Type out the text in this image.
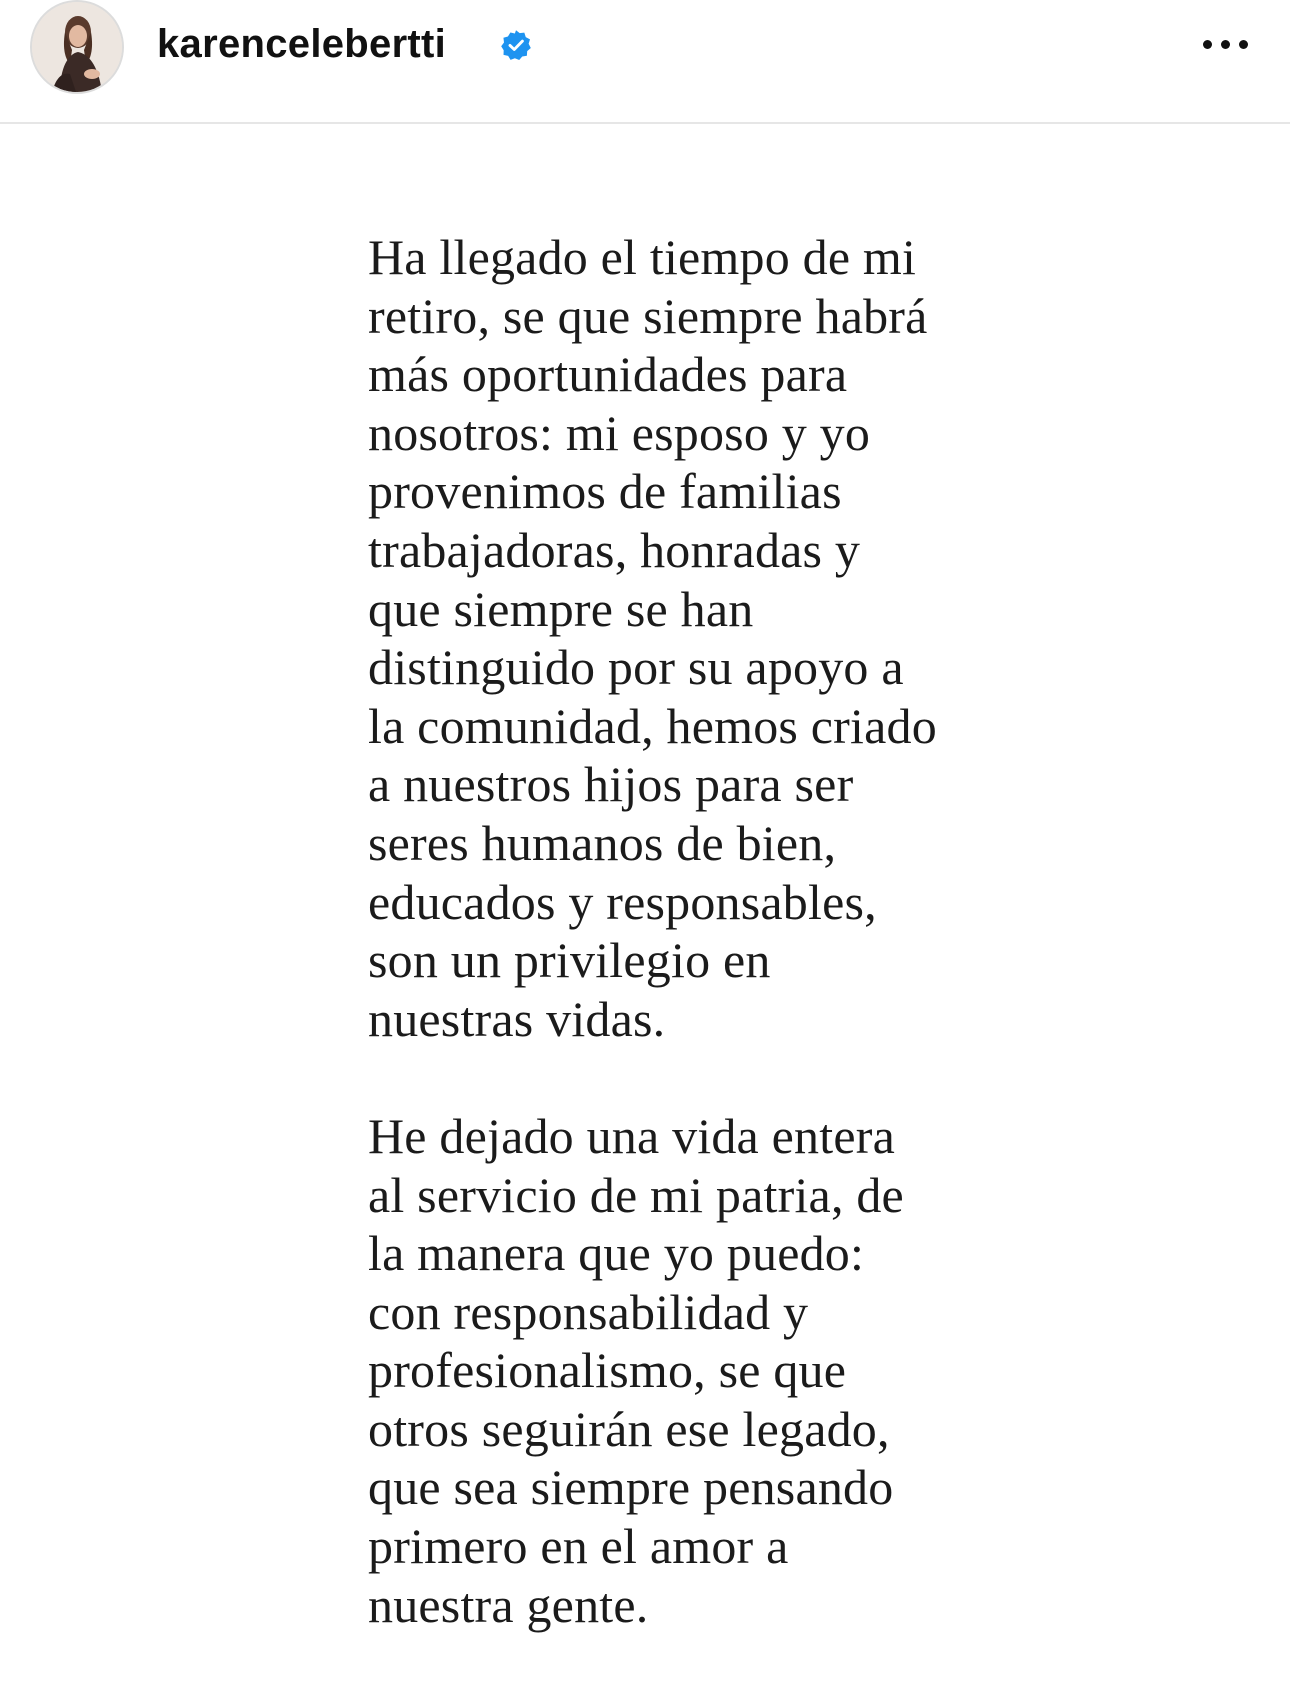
karencelebertti
Ha llegado el tiempo de mi
retiro, se que siempre habrá
más oportunidades para
nosotros: mi esposo y yo
provenimos de familias
trabajadoras, honradas y
que siempre se han
distinguido por su apoyo a
la comunidad, hemos criado
a nuestros hijos para ser
seres humanos de bien,
educados y responsables,
son un privilegio en
nuestras vidas.
He dejado una vida entera
al servicio de mi patria, de
la manera que yo puedo:
con responsabilidad y
profesionalismo, se que
otros seguirán ese legado,
que sea siempre pensando
primero en el amor a
nuestra gente.
